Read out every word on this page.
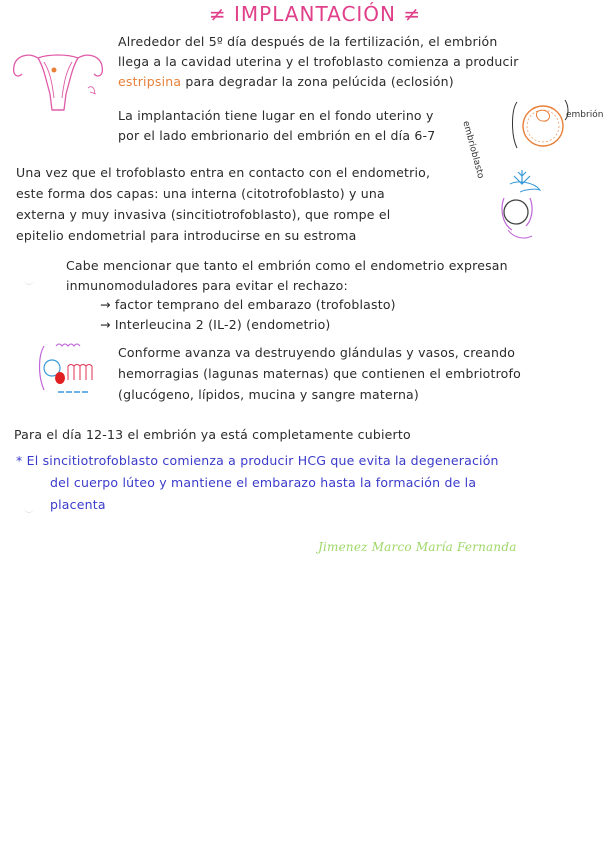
≠ IMPLANTACIÓN ≠
Alrededor del 5º día después de la fertilización, el embrión
llega a la cavidad uterina y el trofoblasto comienza a producir
estripsina para degradar la zona pelúcida (eclosión)
La implantación tiene lugar en el fondo uterino y
por el lado embrionario del embrión en el día 6-7	embrioblasto
embrión
Una vez que el trofoblasto entra en contacto con el endometrio,
este forma dos capas: una interna (citotrofoblasto) y una
externa y muy invasiva (sincitiotrofoblasto), que rompe el
epitelio endometrial para introducirse en su estroma
Cabe mencionar que tanto el embrión como el endometrio expresan
inmunomoduladores para evitar el rechazo:
→ factor temprano del embarazo (trofoblasto)
→ Interleucina 2 (IL-2) (endometrio)
Conforme avanza va destruyendo glándulas y vasos, creando
hemorragias (lagunas maternas) que contienen el embriotrofo
(glucógeno, lípidos, mucina y sangre materna)
Para el día 12-13 el embrión ya está completamente cubierto
* El sincitiotrofoblasto comienza a producir HCG que evita la degeneración
del cuerpo lúteo y mantiene el embarazo hasta la formación de la
placenta
Jimenez Marco María Fernanda
